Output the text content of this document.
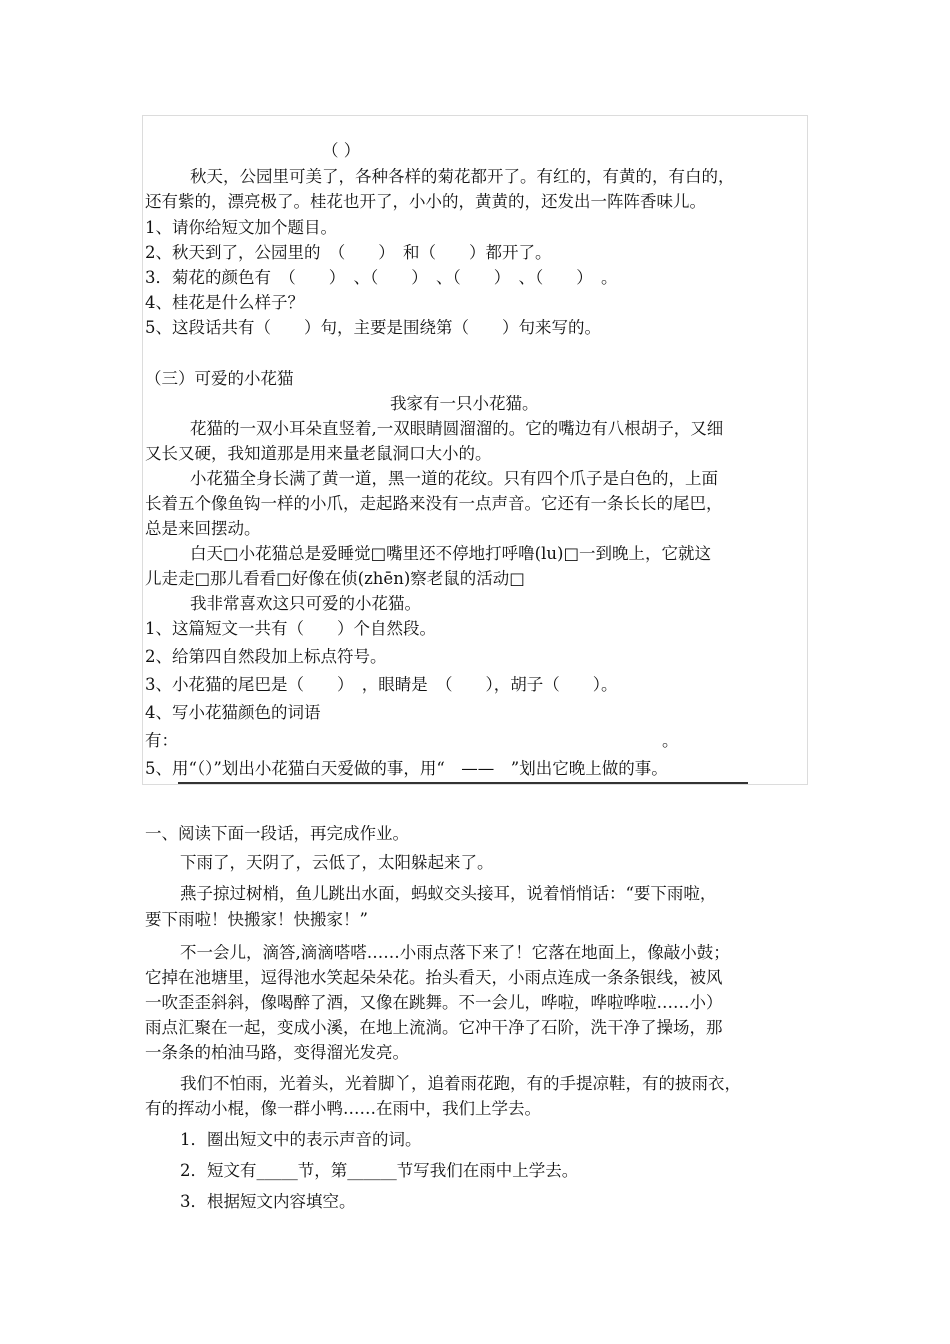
（ ）
秋天，公园里可美了，各种各样的菊花都开了。有红的，有黄的，有白的，
还有紫的，漂亮极了。桂花也开了，小小的，黄黄的，还发出一阵阵香味儿。
1、请你给短文加个题目。
2、秋天到了，公园里的　（　　）　和（　　）都开了。
3．菊花的颜色有　（　　）　、（　　）　、（　　）　、（　　）　。
4、桂花是什么样子？
5、这段话共有（　　）句，主要是围绕第（　　）句来写的。
（三）可爱的小花猫
我家有一只小花猫。
花猫的一双小耳朵直竖着,一双眼睛圆溜溜的。它的嘴边有八根胡子，又细
又长又硬，我知道那是用来量老鼠洞口大小的。
小花猫全身长满了黄一道，黑一道的花纹。只有四个爪子是白色的，上面
长着五个像鱼钩一样的小爪，走起路来没有一点声音。它还有一条长长的尾巴，
总是来回摆动。
白天□小花猫总是爱睡觉□嘴里还不停地打呼噜(lu)□一到晚上，它就这
儿走走□那儿看看□好像在侦(zhēn)察老鼠的活动□
我非常喜欢这只可爱的小花猫。
1、这篇短文一共有（　　）个自然段。
2、给第四自然段加上标点符号。
3、小花猫的尾巴是（　　）　，眼睛是　（　　），胡子（　　）。
4、写小花猫颜色的词语
有：	。
5、用“（）”划出小花猫白天爱做的事，用“　——　”划出它晚上做的事。
一、阅读下面一段话，再完成作业。
下雨了，天阴了，云低了，太阳躲起来了。
燕子掠过树梢，鱼儿跳出水面，蚂蚁交头接耳，说着悄悄话：“要下雨啦，
要下雨啦！快搬家！快搬家！”
不一会儿，滴答,滴滴嗒嗒……小雨点落下来了！它落在地面上，像敲小鼓；
它掉在池塘里，逗得池水笑起朵朵花。抬头看天，小雨点连成一条条银线，被风
一吹歪歪斜斜，像喝醉了酒，又像在跳舞。不一会儿，哗啦，哗啦哗啦……小）
雨点汇聚在一起，变成小溪，在地上流淌。它冲干净了石阶，洗干净了操场，那
一条条的柏油马路，变得溜光发亮。
我们不怕雨，光着头，光着脚丫，追着雨花跑，有的手提凉鞋，有的披雨衣，
有的挥动小棍，像一群小鸭……在雨中，我们上学去。
1．圈出短文中的表示声音的词。
2．短文有_____节，第______节写我们在雨中上学去。
3．根据短文内容填空。
